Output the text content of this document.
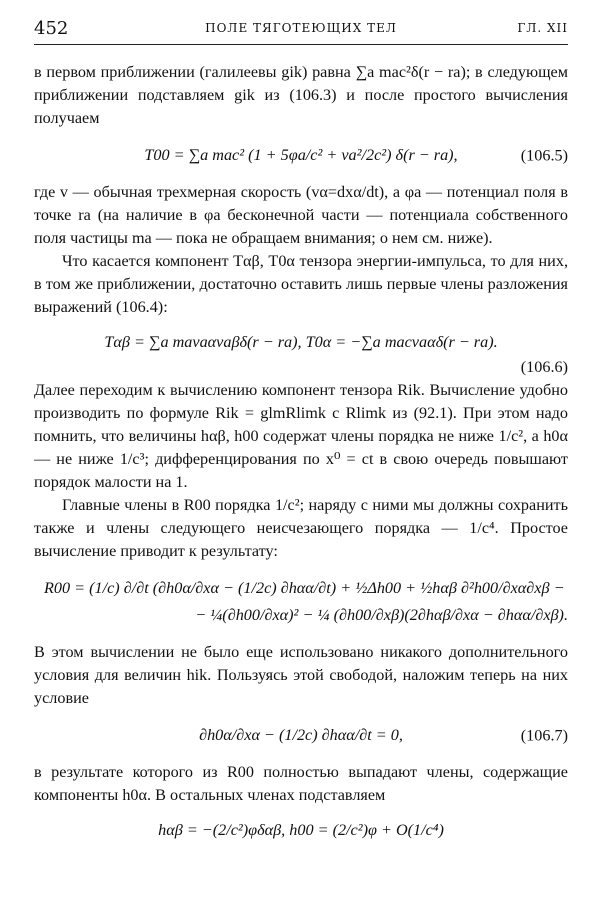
452	ПОЛЕ ТЯГОТЕЮЩИХ ТЕЛ	ГЛ. XII

в первом приближении (галилеевы gik) равна ∑a mac²δ(r − ra); в следующем приближении подставляем gik из (106.3) и после простого вычисления получаем

T00 = ∑a mac² (1 + 5φa/c² + va²/2c²) δ(r − ra),	(106.5)

где v — обычная трехмерная скорость (vα=dxα/dt), а φa — потенциал поля в точке ra (на наличие в φa бесконечной части — потенциала собственного поля частицы ma — пока не обращаем внимания; о нем см. ниже).

Что касается компонент Tαβ, T0α тензора энергии-импульса, то для них, в том же приближении, достаточно оставить лишь первые члены разложения выражений (106.4):

Tαβ = ∑a mavaαvaβδ(r − ra), T0α = −∑a macvaαδ(r − ra).
(106.6)

Далее переходим к вычислению компонент тензора Rik. Вычисление удобно производить по формуле Rik = glmRlimk с Rlimk из (92.1). При этом надо помнить, что величины hαβ, h00 содержат члены порядка не ниже 1/c², а h0α — не ниже 1/c³; дифференцирования по x⁰ = ct в свою очередь повышают порядок малости на 1.

Главные члены в R00 порядка 1/c²; наряду с ними мы должны сохранить также и члены следующего неисчезающего порядка — 1/c⁴. Простое вычисление приводит к результату:

R00 = (1/c) ∂/∂t (∂h0α/∂xα − (1/2c) ∂hαα/∂t) + ½Δh00 + ½hαβ ∂²h00/∂xα∂xβ −
− ¼(∂h00/∂xα)² − ¼ (∂h00/∂xβ)(2∂hαβ/∂xα − ∂hαα/∂xβ).

В этом вычислении не было еще использовано никакого дополнительного условия для величин hik. Пользуясь этой свободой, наложим теперь на них условие

∂h0α/∂xα − (1/2c) ∂hαα/∂t = 0,	(106.7)

в результате которого из R00 полностью выпадают члены, содержащие компоненты h0α. В остальных членах подставляем

hαβ = −(2/c²)φδαβ, h00 = (2/c²)φ + O(1/c⁴)
